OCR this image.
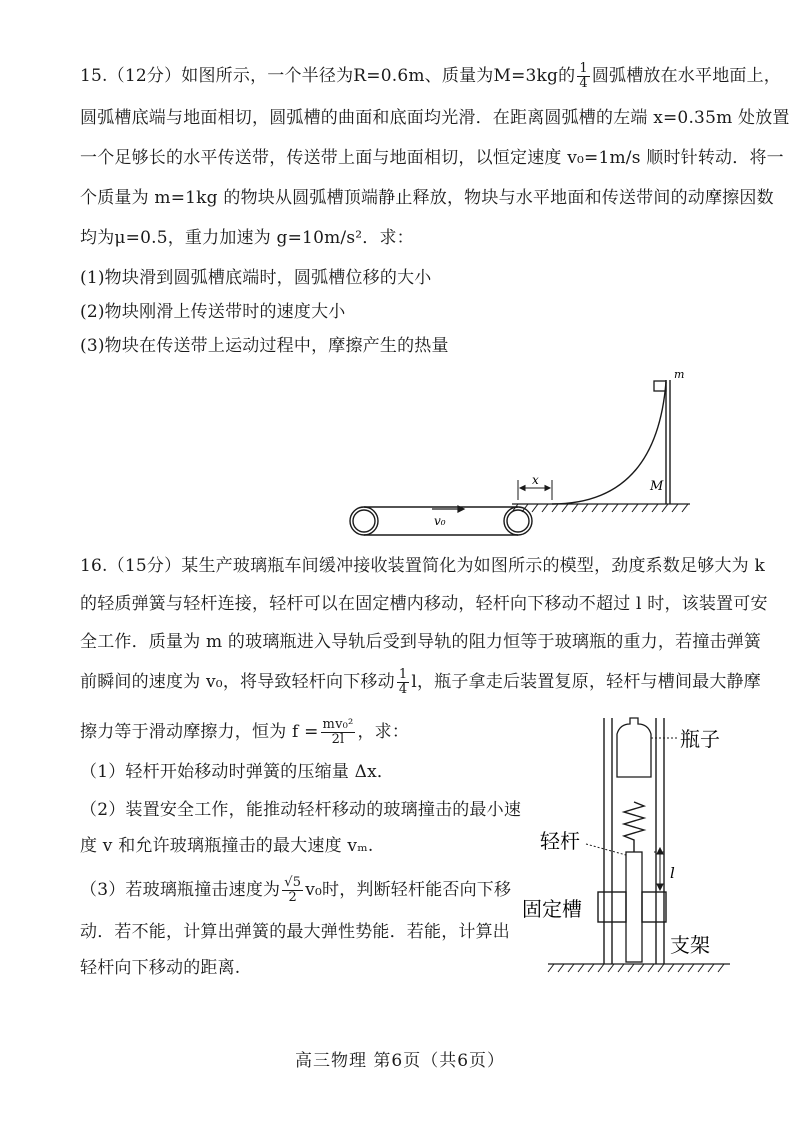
15.（12分）如图所示，一个半径为R=0.6m、质量为M=3kg的 $\frac{1}{4}$ 圆弧槽放在水平地面上，
圆弧槽底端与地面相切，圆弧槽的曲面和底面均光滑．在距离圆弧槽的左端 x=0.35m 处放置
一个足够长的水平传送带，传送带上面与地面相切，以恒定速度 v₀=1m/s 顺时针转动．将一
个质量为 m=1kg 的物块从圆弧槽顶端静止释放，物块与水平地面和传送带间的动摩擦因数
均为μ=0.5，重力加速为 g=10m/s²．求：
(1)物块滑到圆弧槽底端时，圆弧槽位移的大小
(2)物块刚滑上传送带时的速度大小
(3)物块在传送带上运动过程中，摩擦产生的热量
v₀
x
m
M
16.（15分）某生产玻璃瓶车间缓冲接收装置简化为如图所示的模型，劲度系数足够大为 k
的轻质弹簧与轻杆连接，轻杆可以在固定槽内移动，轻杆向下移动不超过 l 时，该装置可安
全工作．质量为 m 的玻璃瓶进入导轨后受到导轨的阻力恒等于玻璃瓶的重力，若撞击弹簧
前瞬间的速度为 v₀，将导致轻杆向下移动 $\frac{1}{4}$ l，瓶子拿走后装置复原，轻杆与槽间最大静摩
擦力等于滑动摩擦力，恒为 $f = \frac{\text{mv₀²}}{2l}$ ，求：
（1）轻杆开始移动时弹簧的压缩量 Δx．
（2）装置安全工作，能推动轻杆移动的玻璃撞击的最小速
度 v 和允许玻璃瓶撞击的最大速度 vₘ.
（3）若玻璃瓶撞击速度为 $\frac{√5}{2} v_0$时，判断轻杆能否向下移
动．若不能，计算出弹簧的最大弹性势能．若能，计算出
轻杆向下移动的距离.
l
瓶子
轻杆
固定槽
支架
高三物理 第6页（共6页）
